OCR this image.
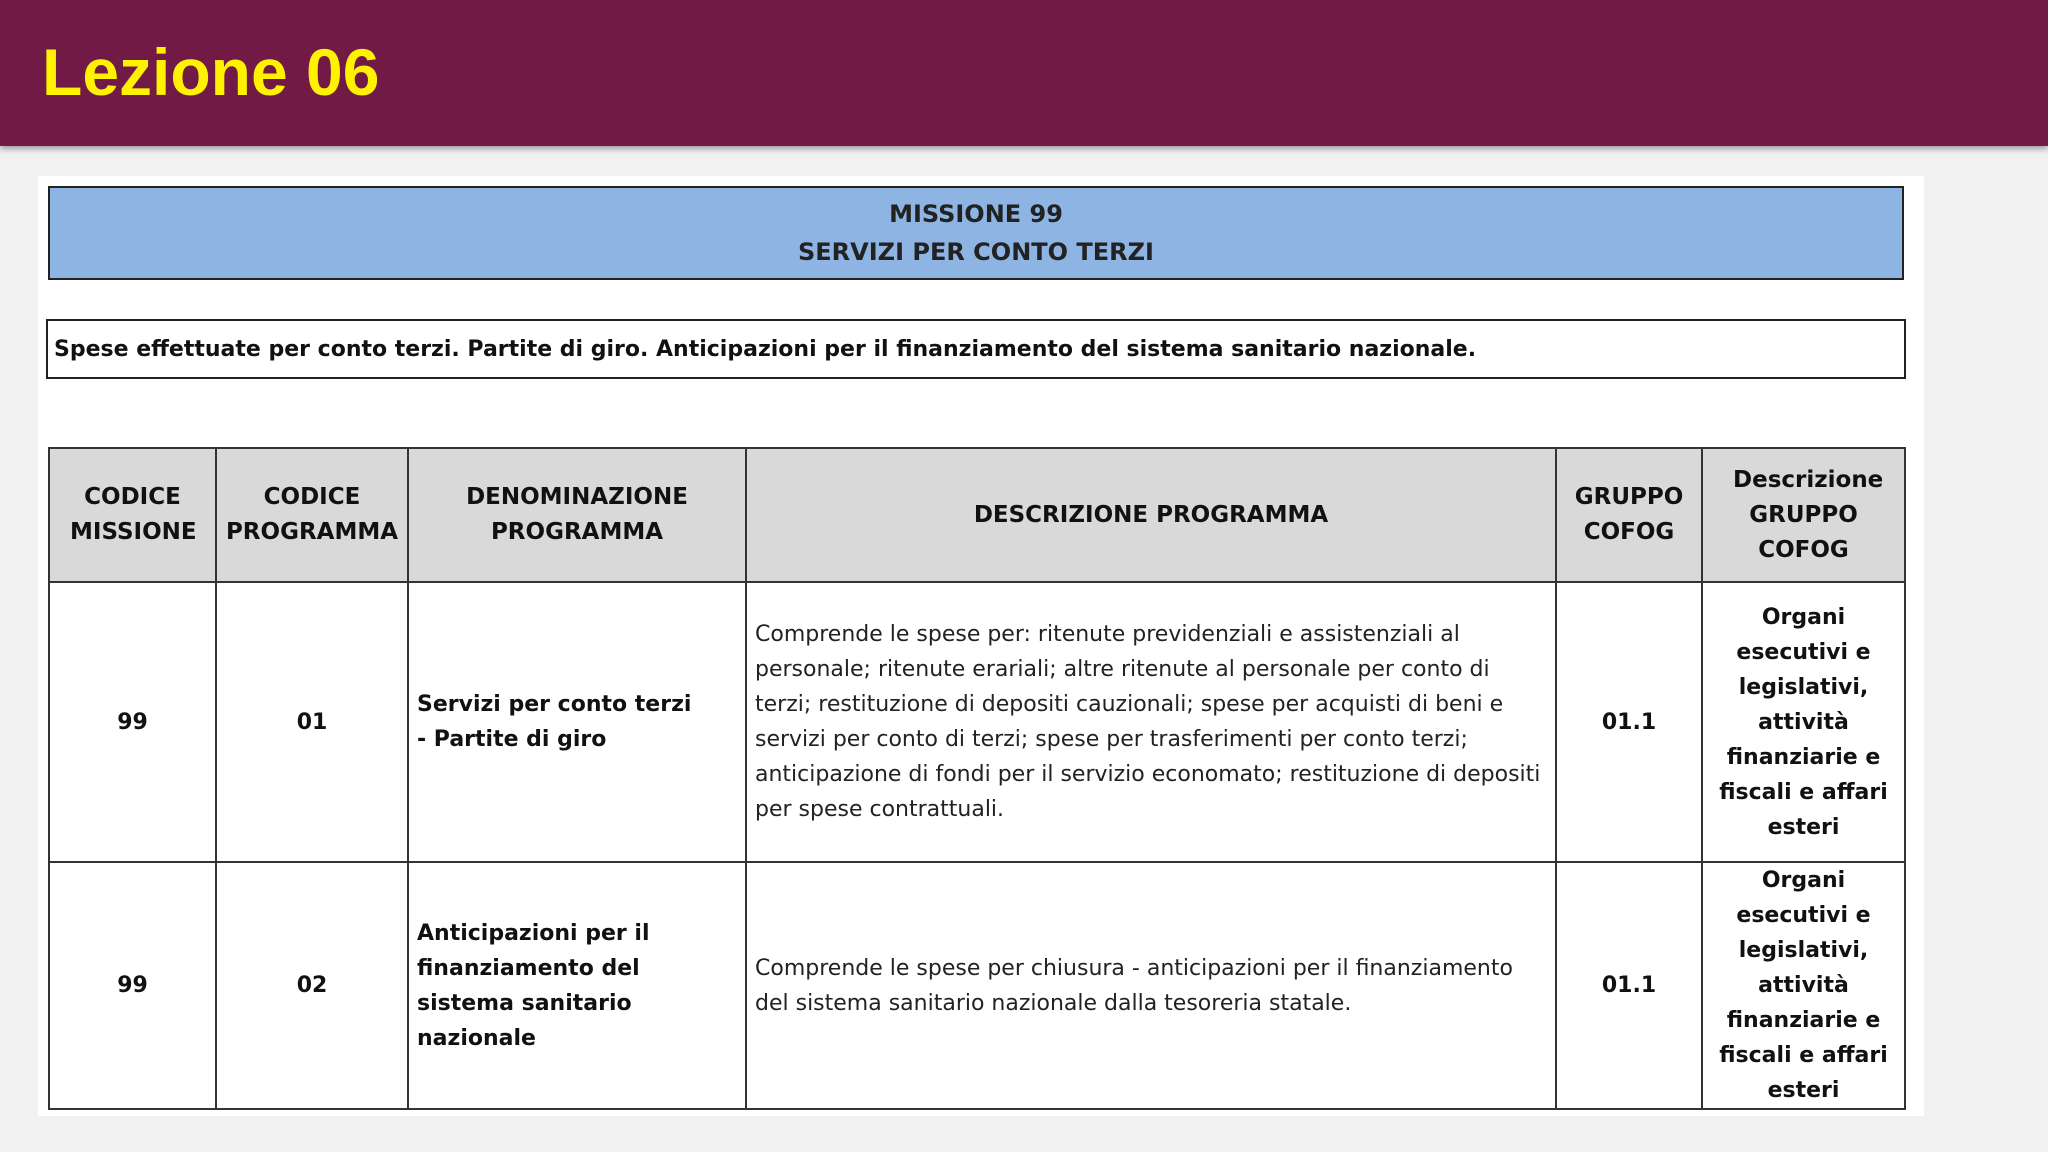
Lezione 06
MISSIONE 99
SERVIZI PER CONTO TERZI
Spese effettuate per conto terzi. Partite di giro. Anticipazioni per il finanziamento del sistema sanitario nazionale.
CODICE MISSIONE	CODICE PROGRAMMA	DENOMINAZIONE PROGRAMMA	DESCRIZIONE PROGRAMMA	GRUPPO COFOG	Descrizione GRUPPO COFOG
99	01	Servizi per conto terzi - Partite di giro	Comprende le spese per: ritenute previdenziali e assistenziali al personale; ritenute erariali; altre ritenute al personale per conto di terzi; restituzione di depositi cauzionali; spese per acquisti di beni e servizi per conto di terzi; spese per trasferimenti per conto terzi; anticipazione di fondi per il servizio economato; restituzione di depositi per spese contrattuali.	01.1	Organi esecutivi e legislativi, attività finanziarie e fiscali e affari esteri
99	02	Anticipazioni per il finanziamento del sistema sanitario nazionale	Comprende le spese per chiusura - anticipazioni per il finanziamento del sistema sanitario nazionale dalla tesoreria statale.	01.1	Organi esecutivi e legislativi, attività finanziarie e fiscali e affari esteri
